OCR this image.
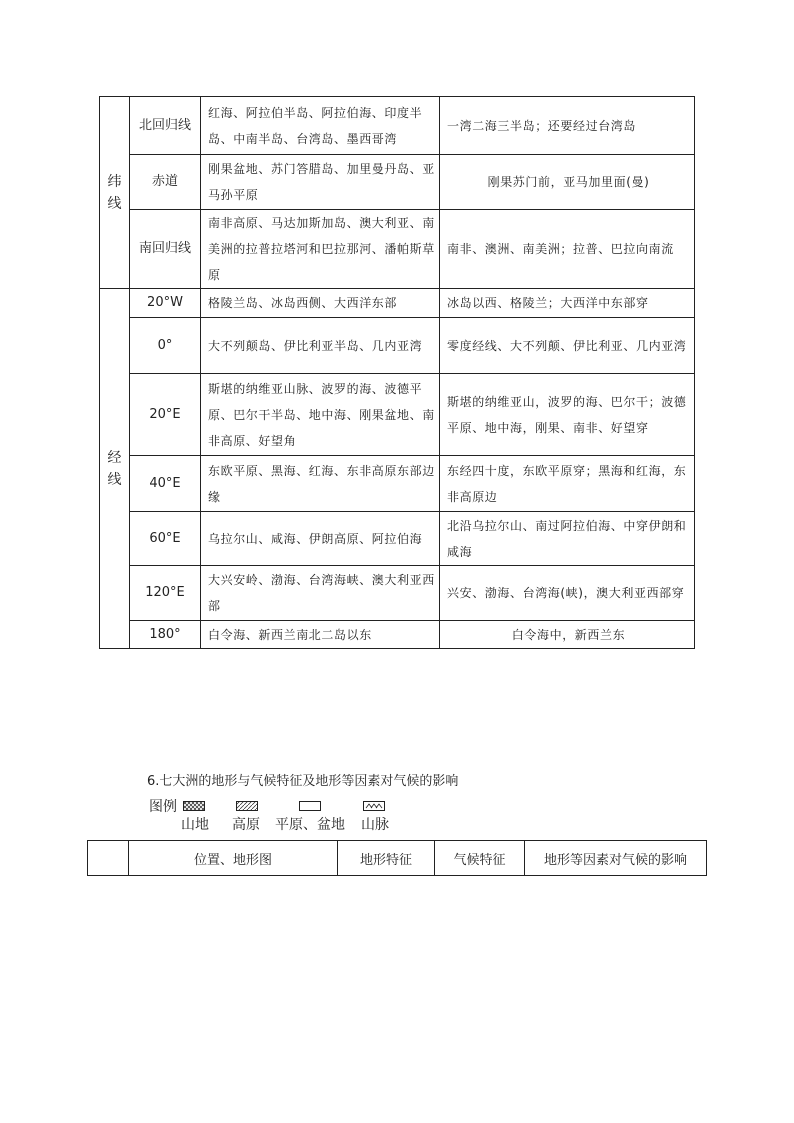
纬线	北回归线	红海、阿拉伯半岛、阿拉伯海、印度半岛、中南半岛、台湾岛、墨西哥湾	一湾二海三半岛；还要经过台湾岛
	赤道	刚果盆地、苏门答腊岛、加里曼丹岛、亚马孙平原	刚果苏门前，亚马加里面(曼)
	南回归线	南非高原、马达加斯加岛、澳大利亚、南美洲的拉普拉塔河和巴拉那河、潘帕斯草原	南非、澳洲、南美洲；拉普、巴拉向南流

经线	20°W	格陵兰岛、冰岛西侧、大西洋东部	冰岛以西、格陵兰；大西洋中东部穿
	0°	大不列颠岛、伊比利亚半岛、几内亚湾	零度经线、大不列颠、伊比利亚、几内亚湾
	20°E	斯堪的纳维亚山脉、波罗的海、波德平原、巴尔干半岛、地中海、刚果盆地、南非高原、好望角	斯堪的纳维亚山，波罗的海、巴尔干；波德平原、地中海，刚果、南非、好望穿
	40°E	东欧平原、黑海、红海、东非高原东部边缘	东经四十度，东欧平原穿；黑海和红海，东非高原边
	60°E	乌拉尔山、咸海、伊朗高原、阿拉伯海	北沿乌拉尔山、南过阿拉伯海、中穿伊朗和咸海
	120°E	大兴安岭、渤海、台湾海峡、澳大利亚西部	兴安、渤海、台湾海(峡)，澳大利亚西部穿
	180°	白令海、新西兰南北二岛以东	白令海中，新西兰东
6.七大洲的地形与气候特征及地形等因素对气候的影响
图例
山地 高原 平原、盆地 山脉
	位置、地形图	地形特征	气候特征	地形等因素对气候的影响
